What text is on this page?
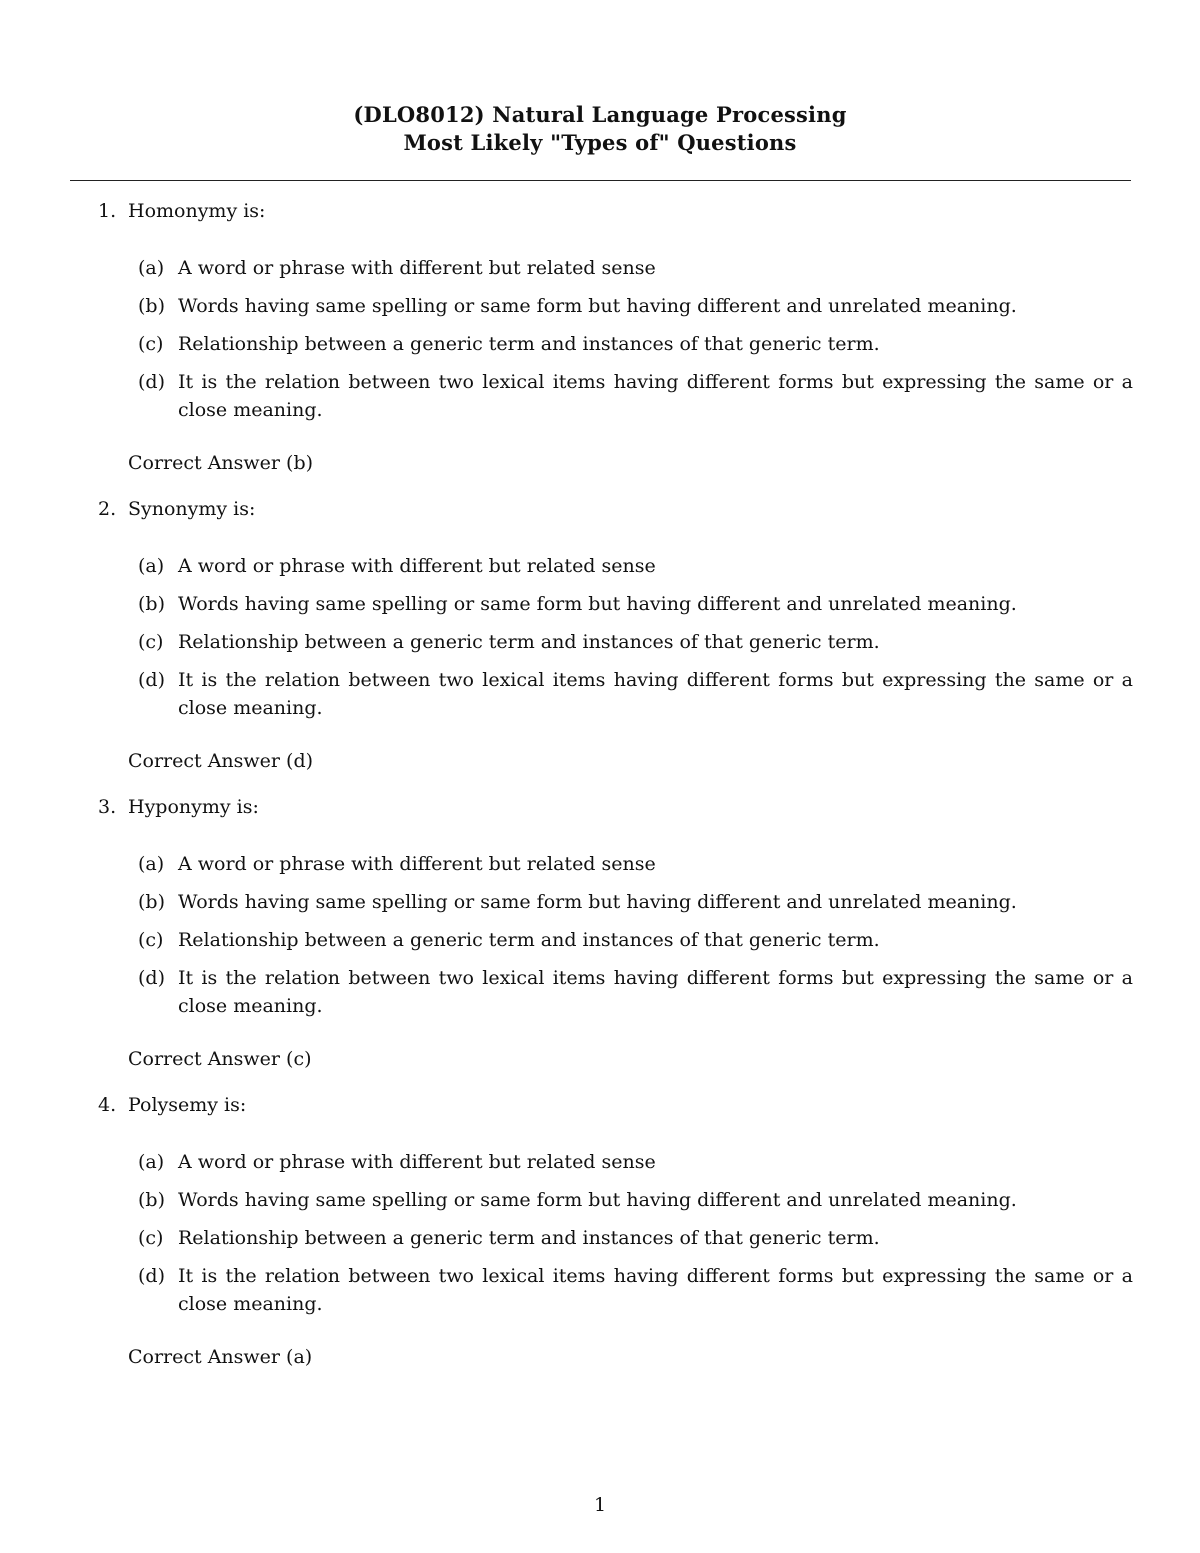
(DLO8012) Natural Language Processing
Most Likely "Types of" Questions
1. Homonymy is:
(a) A word or phrase with different but related sense
(b) Words having same spelling or same form but having different and unrelated meaning.
(c) Relationship between a generic term and instances of that generic term.
(d) It is the relation between two lexical items having different forms but expressing the same or a close meaning.
Correct Answer (b)
2. Synonymy is:
(a) A word or phrase with different but related sense
(b) Words having same spelling or same form but having different and unrelated meaning.
(c) Relationship between a generic term and instances of that generic term.
(d) It is the relation between two lexical items having different forms but expressing the same or a close meaning.
Correct Answer (d)
3. Hyponymy is:
(a) A word or phrase with different but related sense
(b) Words having same spelling or same form but having different and unrelated meaning.
(c) Relationship between a generic term and instances of that generic term.
(d) It is the relation between two lexical items having different forms but expressing the same or a close meaning.
Correct Answer (c)
4. Polysemy is:
(a) A word or phrase with different but related sense
(b) Words having same spelling or same form but having different and unrelated meaning.
(c) Relationship between a generic term and instances of that generic term.
(d) It is the relation between two lexical items having different forms but expressing the same or a close meaning.
Correct Answer (a)
1
